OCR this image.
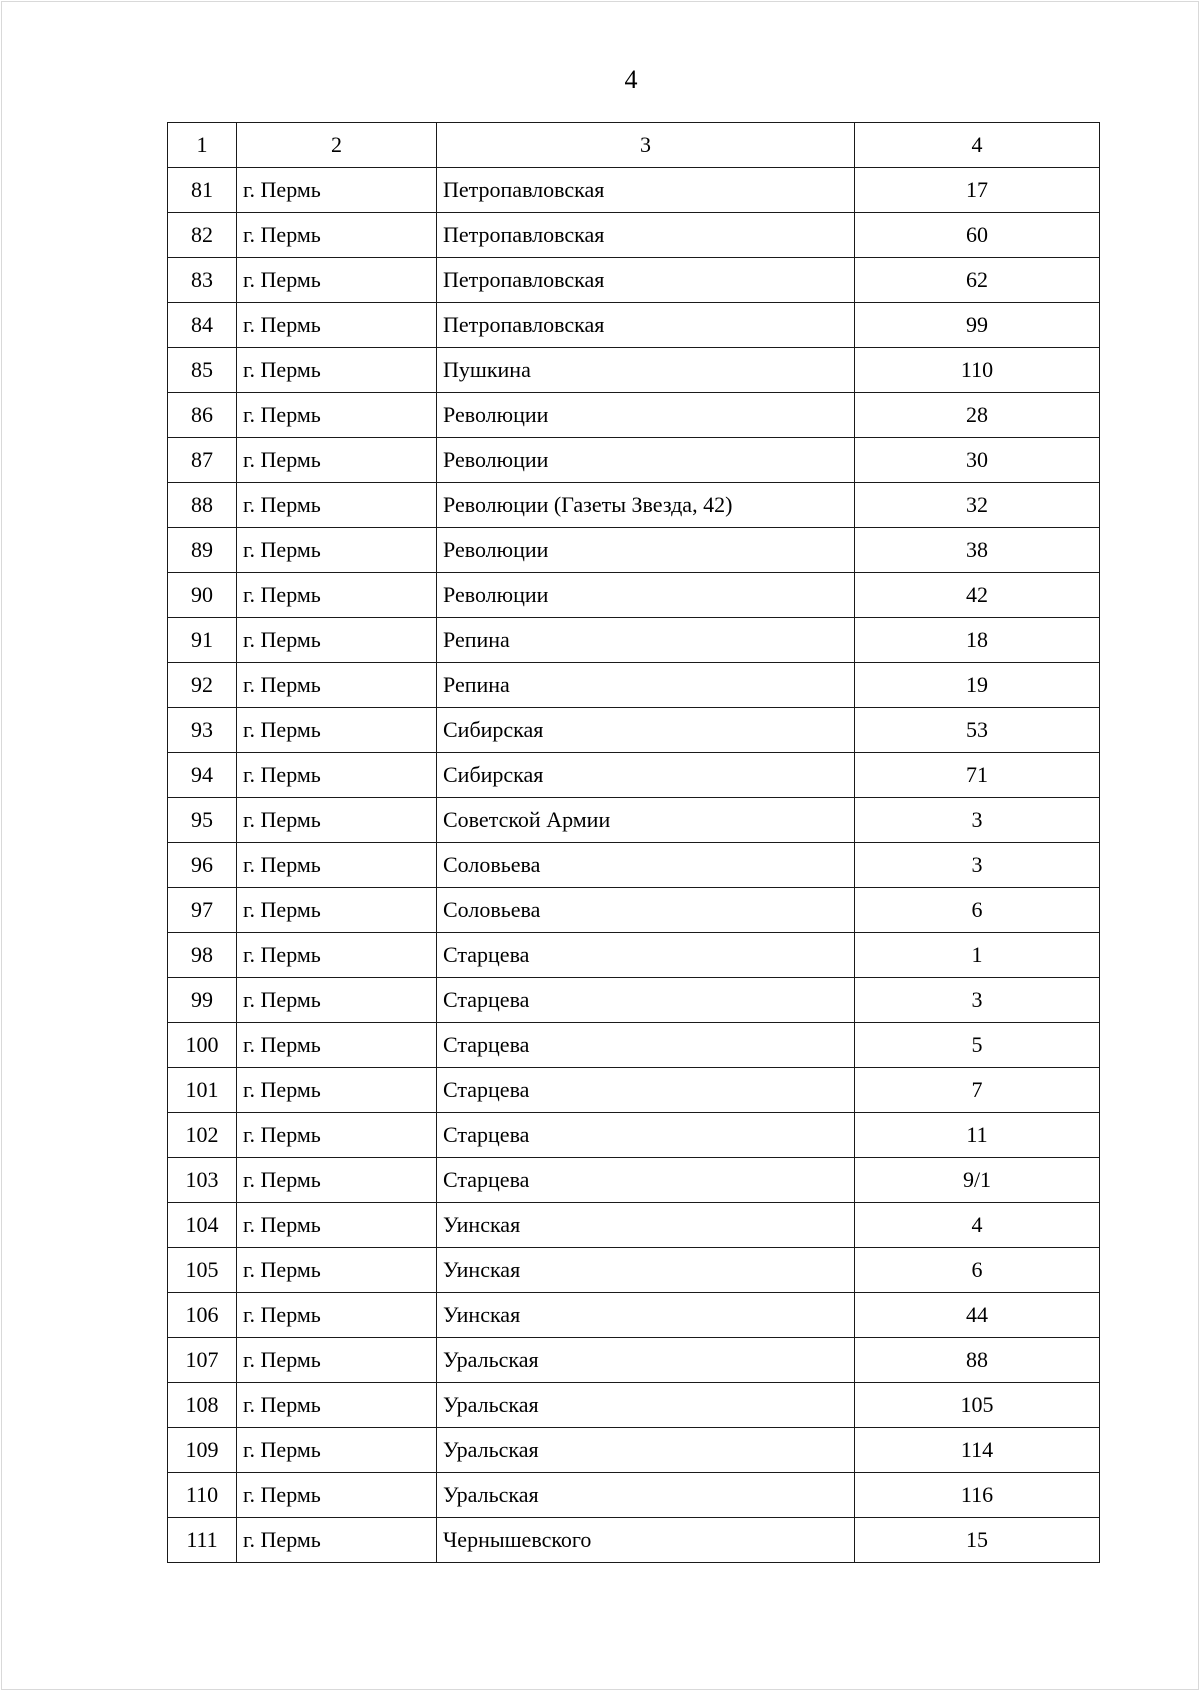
4
1	2	3	4
81	г. Пермь	Петропавловская	17
82	г. Пермь	Петропавловская	60
83	г. Пермь	Петропавловская	62
84	г. Пермь	Петропавловская	99
85	г. Пермь	Пушкина	110
86	г. Пермь	Революции	28
87	г. Пермь	Революции	30
88	г. Пермь	Революции (Газеты Звезда, 42)	32
89	г. Пермь	Революции	38
90	г. Пермь	Революции	42
91	г. Пермь	Репина	18
92	г. Пермь	Репина	19
93	г. Пермь	Сибирская	53
94	г. Пермь	Сибирская	71
95	г. Пермь	Советской Армии	3
96	г. Пермь	Соловьева	3
97	г. Пермь	Соловьева	6
98	г. Пермь	Старцева	1
99	г. Пермь	Старцева	3
100	г. Пермь	Старцева	5
101	г. Пермь	Старцева	7
102	г. Пермь	Старцева	11
103	г. Пермь	Старцева	9/1
104	г. Пермь	Уинская	4
105	г. Пермь	Уинская	6
106	г. Пермь	Уинская	44
107	г. Пермь	Уральская	88
108	г. Пермь	Уральская	105
109	г. Пермь	Уральская	114
110	г. Пермь	Уральская	116
111	г. Пермь	Чернышевского	15
